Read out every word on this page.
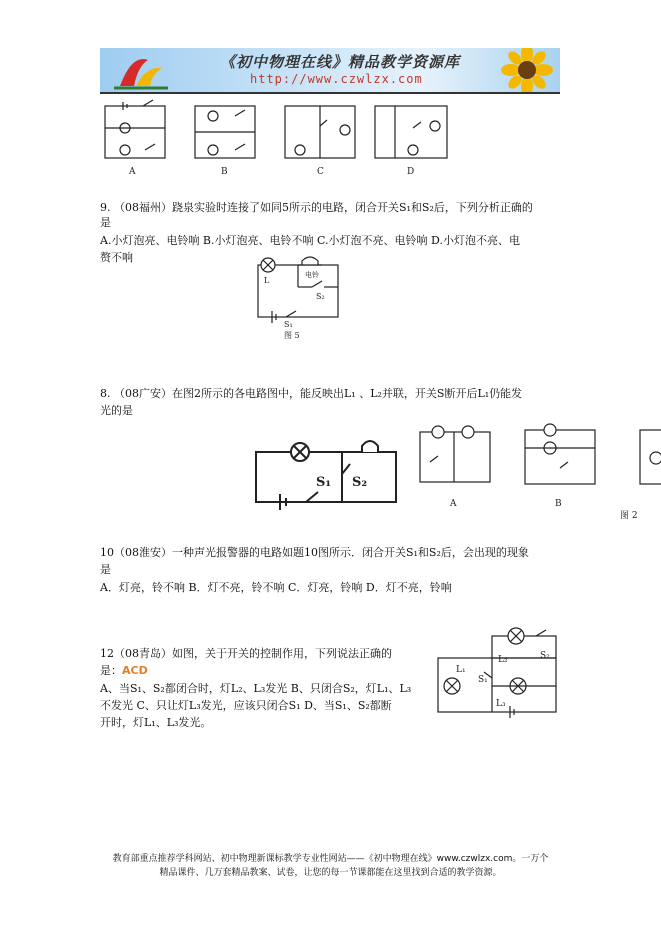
《初中物理在线》精品教学资源库
http://www.czwlzx.com
A	B	C	D
9. （08福州）跷泉实验时连接了如同5所示的电路，闭合开关S₁和S₂后，下列分析正确的
是
A.小灯泡亮、电铃响 B.小灯泡亮、电铃不响 C.小灯泡不亮、电铃响 D.小灯泡不亮、电
赘不响
L
电铃
S₂
S₁
图 5
8. （08广安）在图2所示的各电路图中，能反映出L₁ 、L₂并联，开关S断开后L₁仍能发
光的是
S₁ S₂
A	B
图 2
10（08淮安）一种声光报警器的电路如题10图所示．闭合开关S₁和S₂后，会出现的现象
是
A．灯亮，铃不响 B．灯不亮，铃不响 C．灯亮，铃响 D．灯不亮，铃响
12（08青岛）如图，关于开关的控制作用，下列说法正确的
是：ACD
A、当S₁、S₂都闭合时，灯L₂、L₃发光 B、只闭合S₂，灯L₁、L₃
不发光 C、只让灯L₃发光，应该只闭合S₁ D、当S₁、S₂都断
开时，灯L₁、L₃发光。
L₁
L₂
L₃
S₁
S₂
教育部重点推荐学科网站、初中物理新课标教学专业性网站——《初中物理在线》www.czwlzx.com。一万个
精品课件、几万套精品教案、试卷，让您的每一节课都能在这里找到合适的教学资源。
